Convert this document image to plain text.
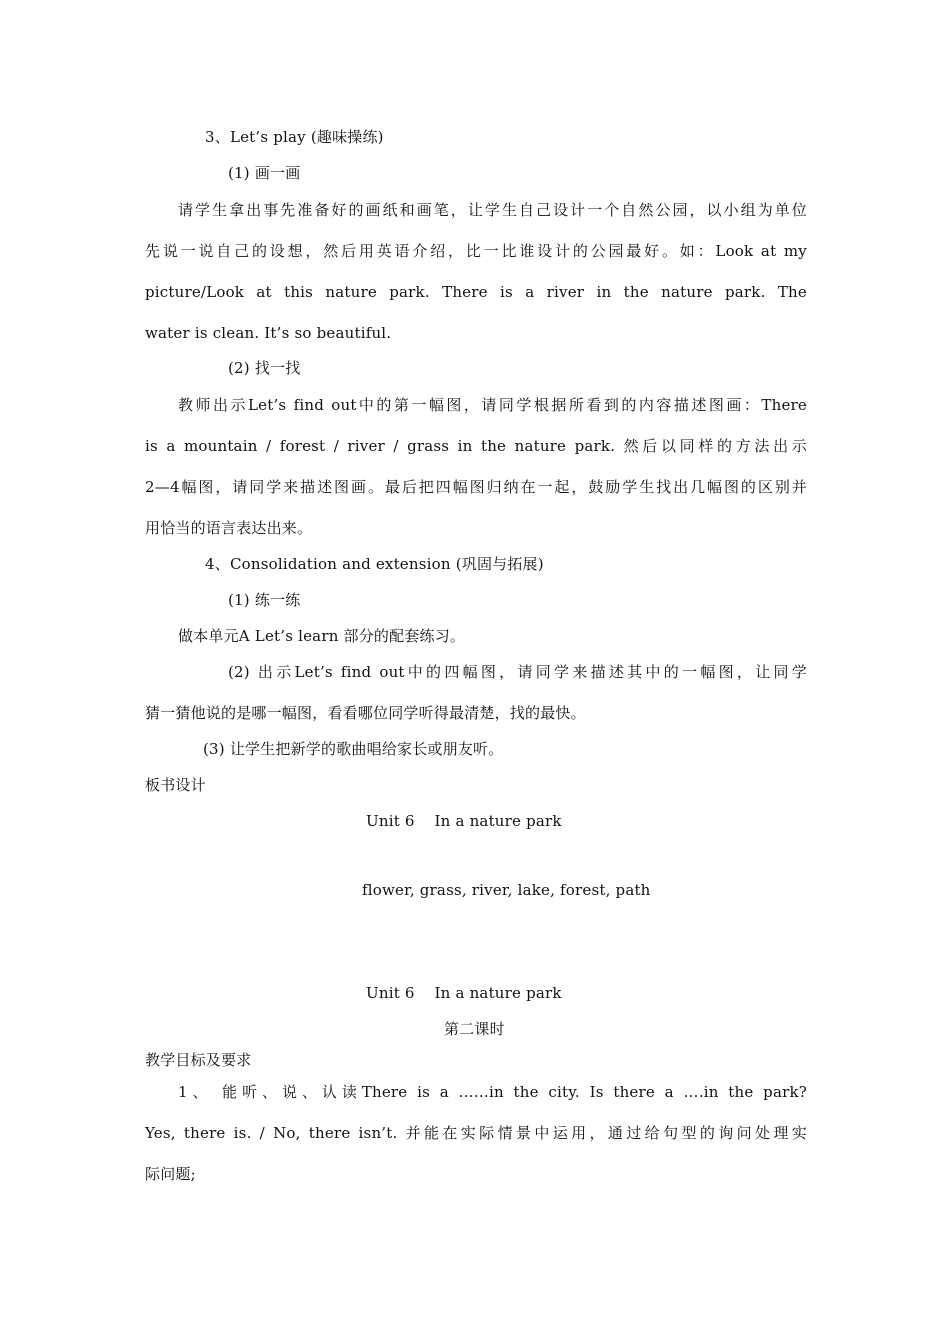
3、Let’s play (趣味操练)
(1) 画一画
请学生拿出事先准备好的画纸和画笔，让学生自己设计一个自然公园，以小组为单位
先说一说自己的设想，然后用英语介绍，比一比谁设计的公园最好。如：Look at my
picture/Look at this nature park. There is a river in the nature park. The
water is clean. It’s so beautiful.
(2) 找一找
教师出示Let’s find out中的第一幅图，请同学根据所看到的内容描述图画：There
is a mountain / forest / river / grass in the nature park. 然后以同样的方法出示
2—4幅图，请同学来描述图画。最后把四幅图归纳在一起，鼓励学生找出几幅图的区别并
用恰当的语言表达出来。
4、Consolidation and extension (巩固与拓展)
(1) 练一练
做本单元A Let’s learn 部分的配套练习。
(2) 出示Let’s find out中的四幅图，请同学来描述其中的一幅图，让同学
猜一猜他说的是哪一幅图，看看哪位同学听得最清楚，找的最快。
(3) 让学生把新学的歌曲唱给家长或朋友听。
板书设计
Unit 6    In a nature park
flower, grass, river, lake, forest, path
Unit 6    In a nature park
第二课时
教学目标及要求
1、 能听、说、认读There is a ……in the city. Is there a ….in the park?
Yes, there is. / No, there isn’t. 并能在实际情景中运用，通过给句型的询问处理实
际问题;
